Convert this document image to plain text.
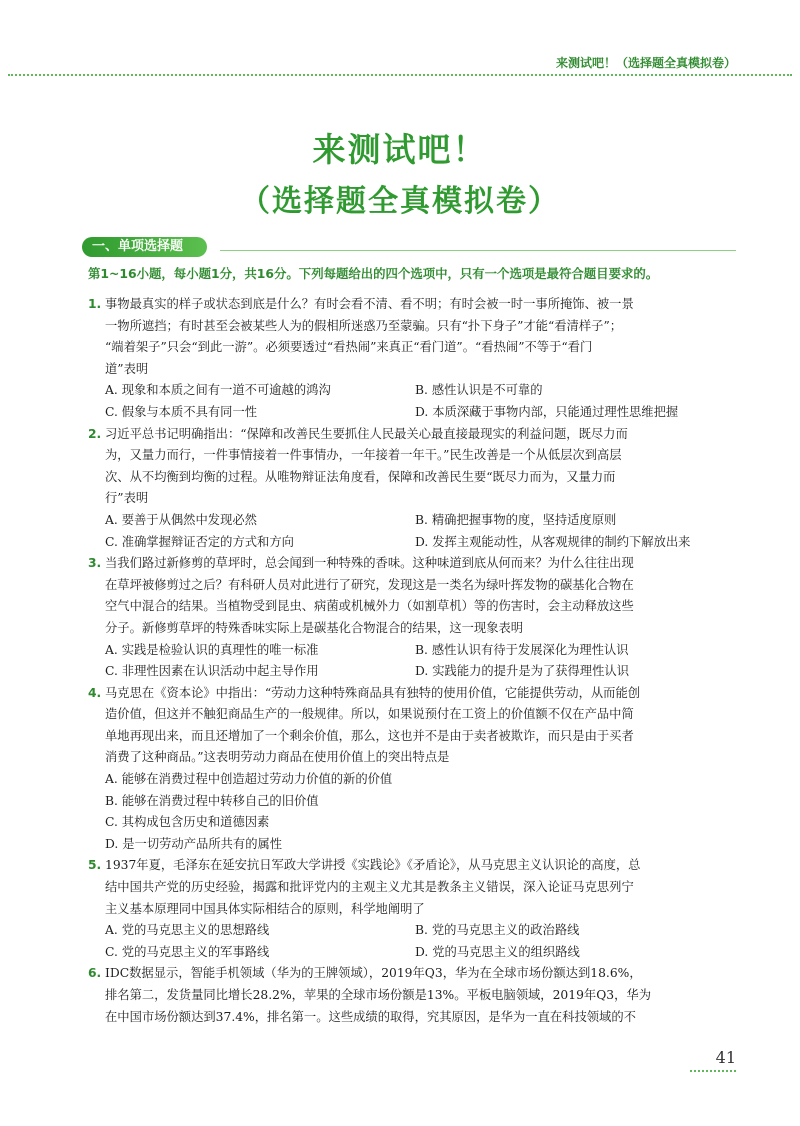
来测试吧！（选择题全真模拟卷）
来测试吧！
（选择题全真模拟卷）
一、单项选择题
第1~16小题，每小题1分，共16分。下列每题给出的四个选项中，只有一个选项是最符合题目要求的。
1. 事物最真实的样子或状态到底是什么？有时会看不清、看不明；有时会被一时一事所掩饰、被一景
一物所遮挡；有时甚至会被某些人为的假相所迷惑乃至蒙骗。只有“扑下身子”才能“看清样子”；
“端着架子”只会“到此一游”。必须要透过“看热闹”来真正“看门道”。“看热闹”不等于“看门
道”表明
A. 现象和本质之间有一道不可逾越的鸿沟	B. 感性认识是不可靠的
C. 假象与本质不具有同一性	D. 本质深藏于事物内部，只能通过理性思维把握
2. 习近平总书记明确指出：“保障和改善民生要抓住人民最关心最直接最现实的利益问题，既尽力而
为，又量力而行，一件事情接着一件事情办，一年接着一年干。”民生改善是一个从低层次到高层
次、从不均衡到均衡的过程。从唯物辩证法角度看，保障和改善民生要“既尽力而为，又量力而
行”表明
A. 要善于从偶然中发现必然	B. 精确把握事物的度，坚持适度原则
C. 准确掌握辩证否定的方式和方向	D. 发挥主观能动性，从客观规律的制约下解放出来
3. 当我们路过新修剪的草坪时，总会闻到一种特殊的香味。这种味道到底从何而来？为什么往往出现
在草坪被修剪过之后？有科研人员对此进行了研究，发现这是一类名为绿叶挥发物的碳基化合物在
空气中混合的结果。当植物受到昆虫、病菌或机械外力（如割草机）等的伤害时，会主动释放这些
分子。新修剪草坪的特殊香味实际上是碳基化合物混合的结果，这一现象表明
A. 实践是检验认识的真理性的唯一标准	B. 感性认识有待于发展深化为理性认识
C. 非理性因素在认识活动中起主导作用	D. 实践能力的提升是为了获得理性认识
4. 马克思在《资本论》中指出：“劳动力这种特殊商品具有独特的使用价值，它能提供劳动，从而能创
造价值，但这并不触犯商品生产的一般规律。所以，如果说预付在工资上的价值额不仅在产品中简
单地再现出来，而且还增加了一个剩余价值，那么，这也并不是由于卖者被欺诈，而只是由于买者
消费了这种商品。”这表明劳动力商品在使用价值上的突出特点是
A. 能够在消费过程中创造超过劳动力价值的新的价值
B. 能够在消费过程中转移自己的旧价值
C. 其构成包含历史和道德因素
D. 是一切劳动产品所共有的属性
5. 1937年夏，毛泽东在延安抗日军政大学讲授《实践论》《矛盾论》，从马克思主义认识论的高度，总
结中国共产党的历史经验，揭露和批评党内的主观主义尤其是教条主义错误，深入论证马克思列宁
主义基本原理同中国具体实际相结合的原则，科学地阐明了
A. 党的马克思主义的思想路线	B. 党的马克思主义的政治路线
C. 党的马克思主义的军事路线	D. 党的马克思主义的组织路线
6. IDC数据显示，智能手机领域（华为的王牌领域），2019年Q3，华为在全球市场份额达到18.6%，
排名第二，发货量同比增长28.2%，苹果的全球市场份额是13%。平板电脑领域，2019年Q3，华为
在中国市场份额达到37.4%，排名第一。这些成绩的取得，究其原因，是华为一直在科技领域的不
41
